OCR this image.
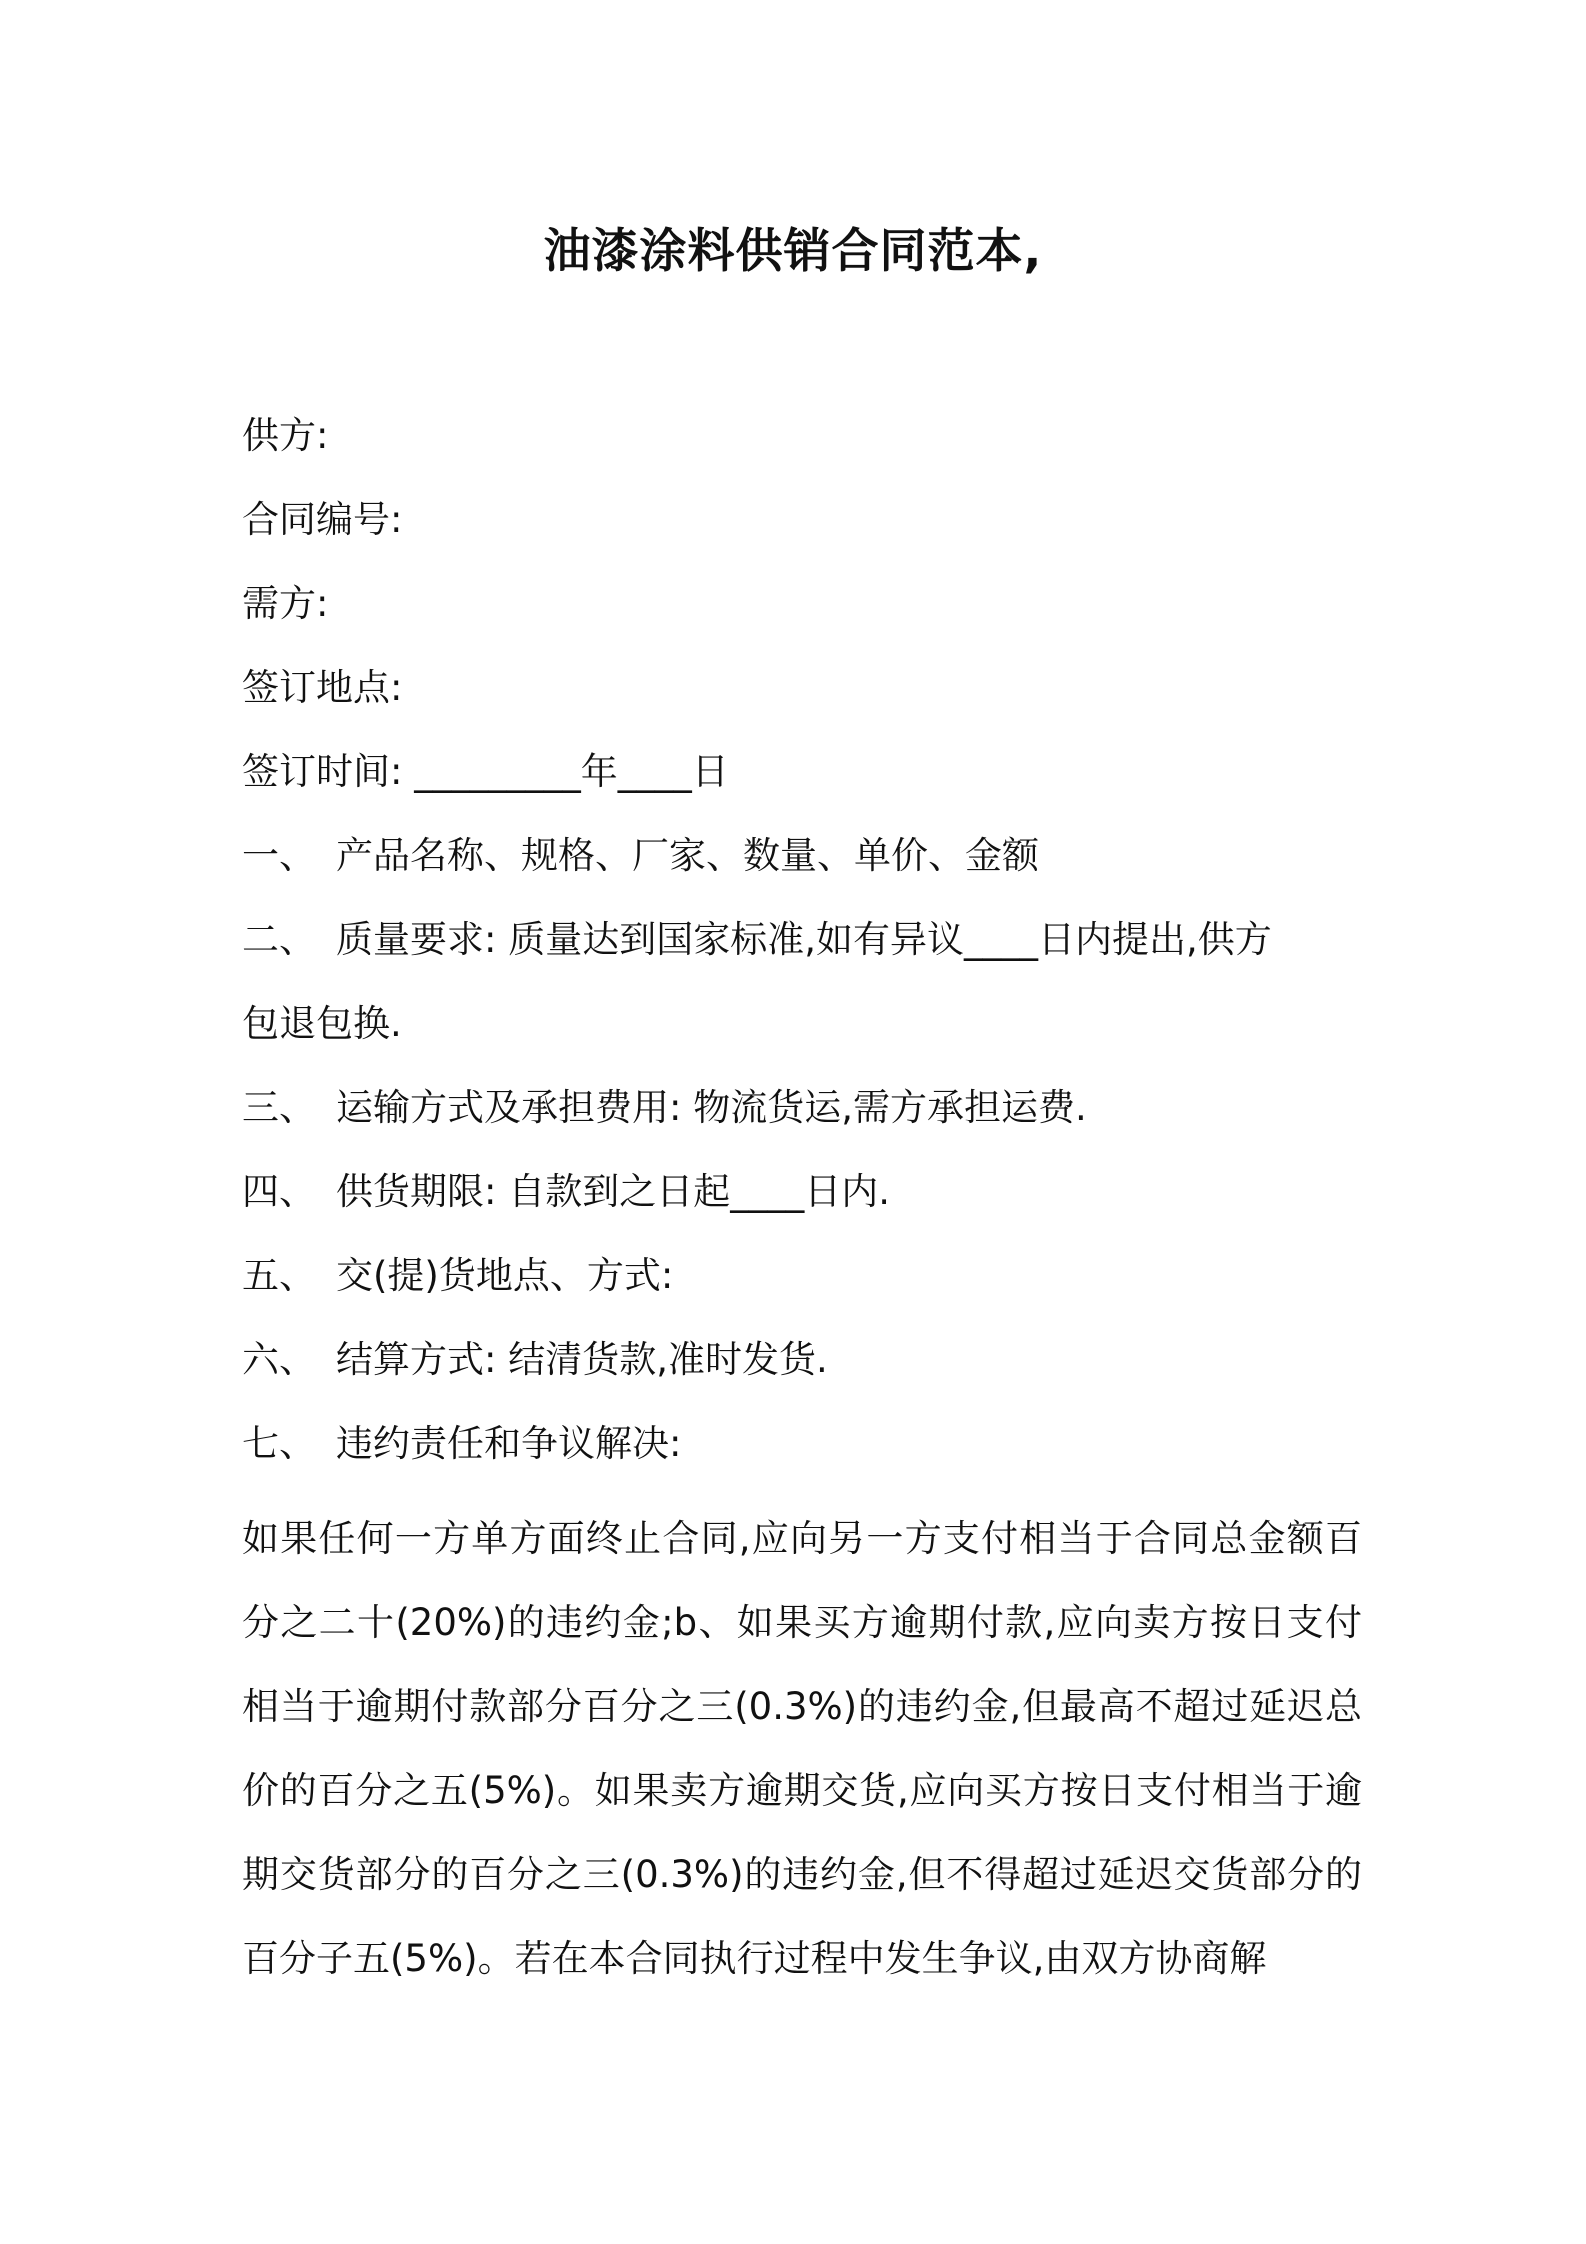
油漆涂料供销合同范本,
供方:
合同编号:
需方:
签订地点:
签订时间: _________年____日
一、 产品名称、规格、厂家、数量、单价、金额
二、 质量要求: 质量达到国家标准,如有异议____日内提出,供方
包退包换.
三、 运输方式及承担费用: 物流货运,需方承担运费.
四、 供货期限: 自款到之日起____日内.
五、 交(提)货地点、方式:
六、 结算方式: 结清货款,准时发货.
七、 违约责任和争议解决:
如果任何一方单方面终止合同,应向另一方支付相当于合同总金额百分之二十(20%)的违约金;b、如果买方逾期付款,应向卖方按日支付相当于逾期付款部分百分之三(0.3%)的违约金,但最高不超过延迟总价的百分之五(5%)。如果卖方逾期交货,应向买方按日支付相当于逾期交货部分的百分之三(0.3%)的违约金,但不得超过延迟交货部分的百分子五(5%)。若在本合同执行过程中发生争议,由双方协商解
